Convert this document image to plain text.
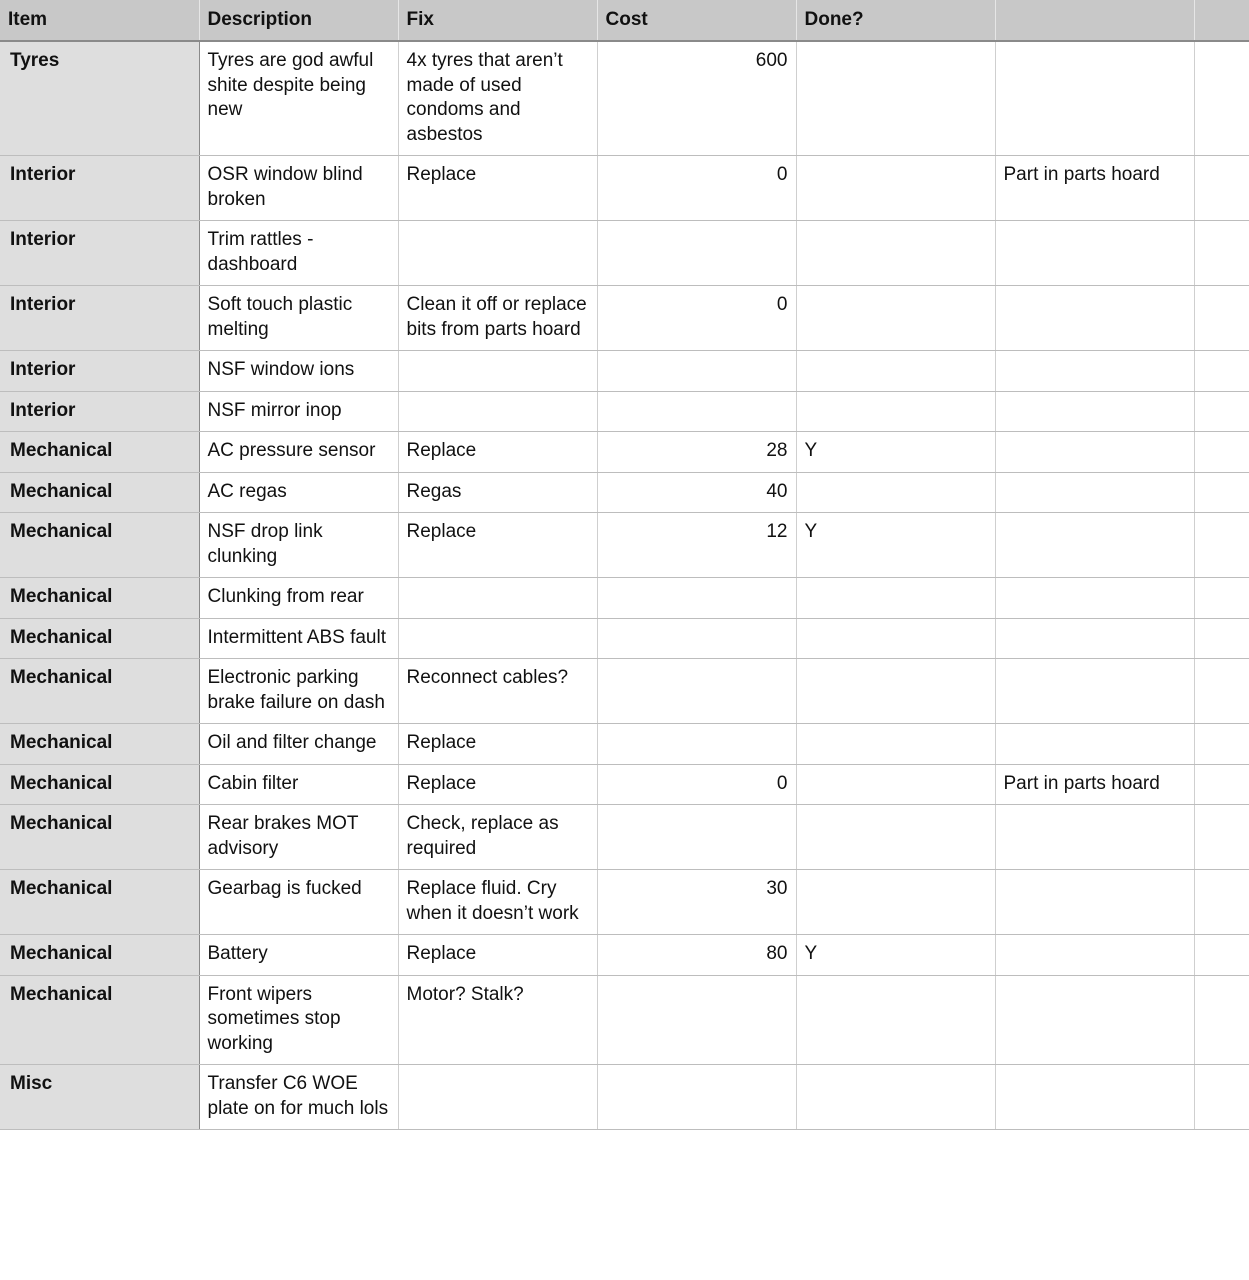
Item	Description	Fix	Cost	Done?		
Tyres	Tyres are god awful shite despite being new	4x tyres that aren’t made of used condoms and asbestos	600			
Interior	OSR window blind broken	Replace	0		Part in parts hoard	
Interior	Trim rattles - dashboard					
Interior	Soft touch plastic melting	Clean it off or replace bits from parts hoard	0			
Interior	NSF window ions					
Interior	NSF mirror inop					
Mechanical	AC pressure sensor	Replace	28	Y		
Mechanical	AC regas	Regas	40			
Mechanical	NSF drop link clunking	Replace	12	Y		
Mechanical	Clunking from rear					
Mechanical	Intermittent ABS fault					
Mechanical	Electronic parking brake failure on dash	Reconnect cables?				
Mechanical	Oil and filter change	Replace				
Mechanical	Cabin filter	Replace	0		Part in parts hoard	
Mechanical	Rear brakes MOT advisory	Check, replace as required				
Mechanical	Gearbag is fucked	Replace fluid. Cry when it doesn’t work	30			
Mechanical	Battery	Replace	80	Y		
Mechanical	Front wipers sometimes stop working	Motor? Stalk?				
Misc	Transfer C6 WOE plate on for much lols					
